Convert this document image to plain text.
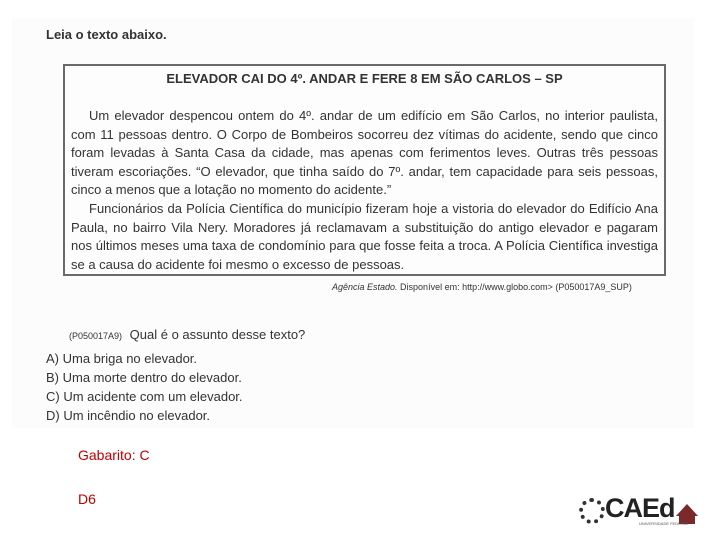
Leia o texto abaixo.
ELEVADOR CAI DO 4º. ANDAR E FERE 8 EM SÃO CARLOS – SP

Um elevador despencou ontem do 4º. andar de um edifício em São Carlos, no interior paulista, com 11 pessoas dentro. O Corpo de Bombeiros socorreu dez vítimas do acidente, sendo que cinco foram levadas à Santa Casa da cidade, mas apenas com ferimentos leves. Outras três pessoas tiveram escoriações. “O elevador, que tinha saído do 7º. andar, tem capacidade para seis pessoas, cinco a menos que a lotação no momento do acidente.”

Funcionários da Polícia Científica do município fizeram hoje a vistoria do elevador do Edifício Ana Paula, no bairro Vila Nery. Moradores já reclamavam a substituição do antigo elevador e pagaram nos últimos meses uma taxa de condomínio para que fosse feita a troca. A Polícia Científica investiga se a causa do acidente foi mesmo o excesso de pessoas.

Agência Estado. Disponível em: http://www.globo.com> (P050017A9_SUP)
(P050017A9) Qual é o assunto desse texto?
A) Uma briga no elevador.
B) Uma morte dentro do elevador.
C) Um acidente com um elevador.
D) Um incêndio no elevador.
Gabarito: C
D6	CAEd
UNIVERSIDADE FEDERAL
